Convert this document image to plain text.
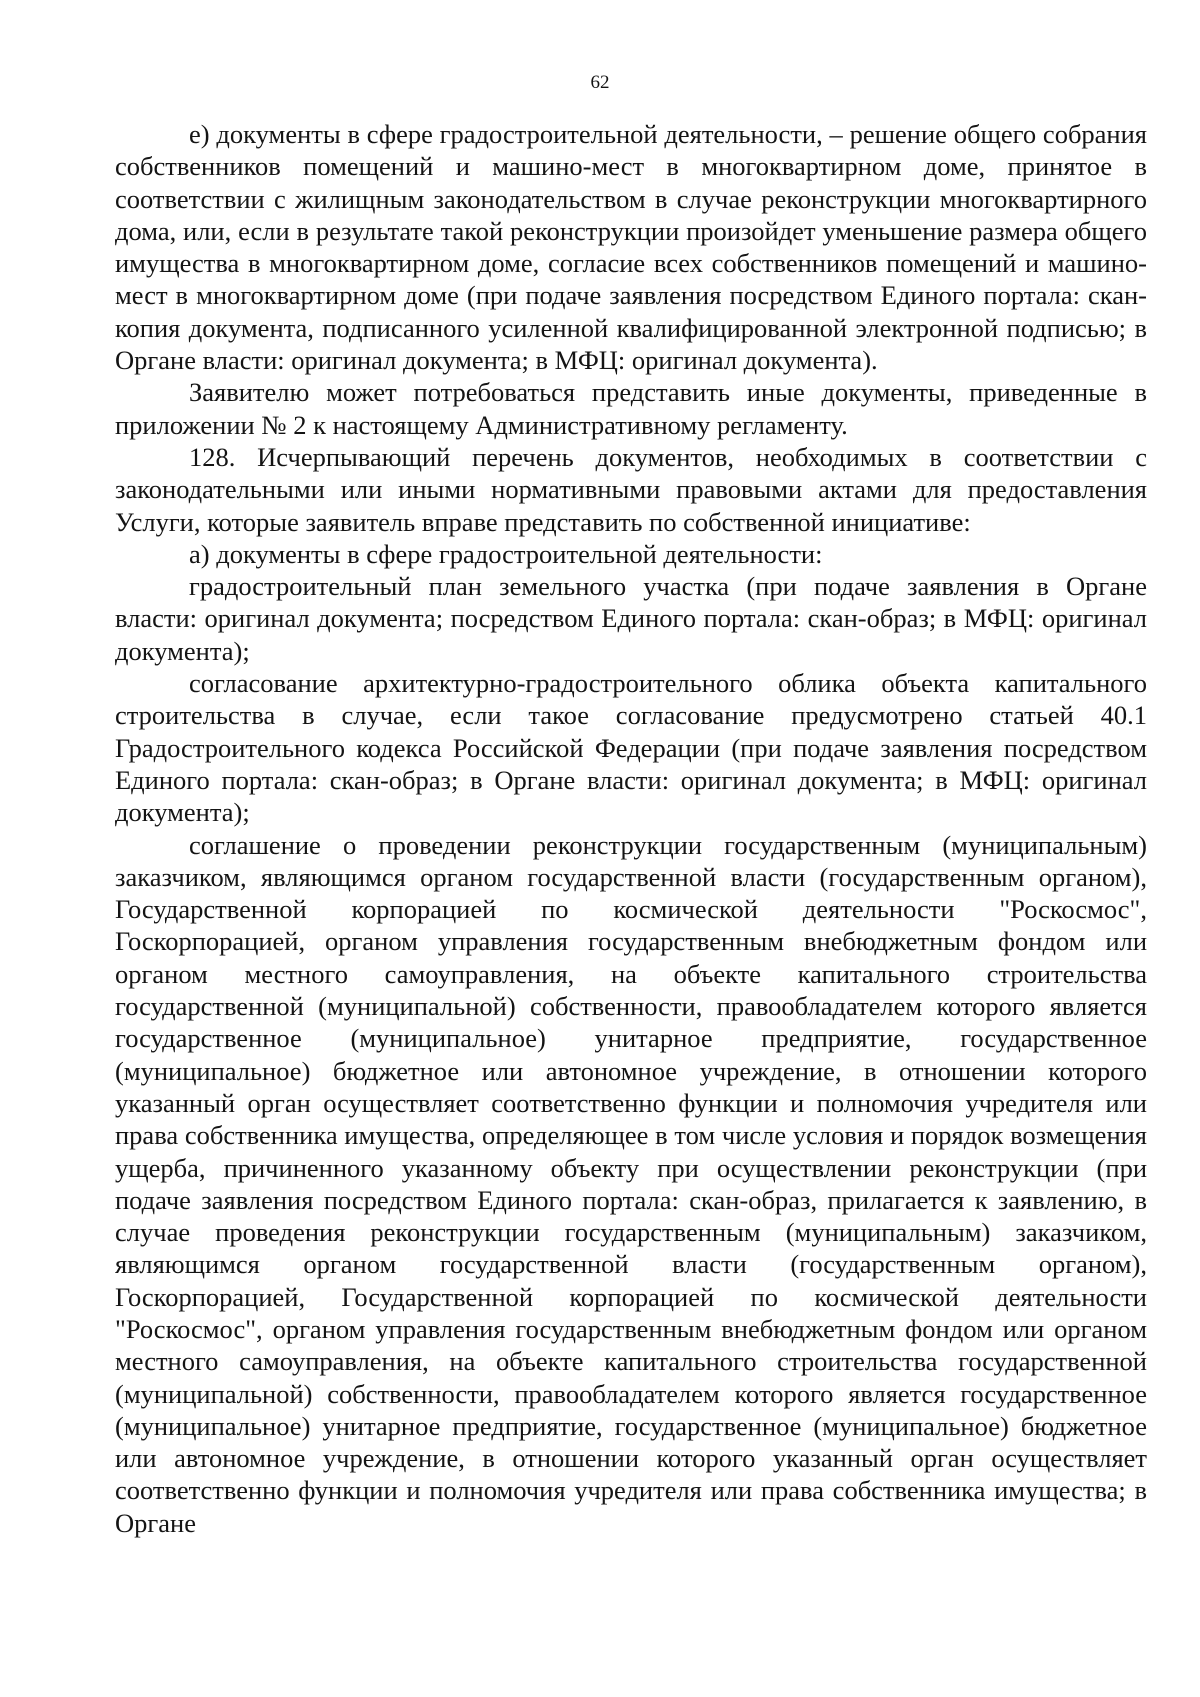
62

е) документы в сфере градостроительной деятельности, – решение общего собрания собственников помещений и машино-мест в многоквартирном доме, принятое в соответствии с жилищным законодательством в случае реконструкции многоквартирного дома, или, если в результате такой реконструкции произойдет уменьшение размера общего имущества в многоквартирном доме, согласие всех собственников помещений и машино-мест в многоквартирном доме (при подаче заявления посредством Единого портала: скан-копия документа, подписанного усиленной квалифицированной электронной подписью; в Органе власти: оригинал документа; в МФЦ: оригинал документа).

Заявителю может потребоваться представить иные документы, приведенные в приложении № 2 к настоящему Административному регламенту.

128. Исчерпывающий перечень документов, необходимых в соответствии с законодательными или иными нормативными правовыми актами для предоставления Услуги, которые заявитель вправе представить по собственной инициативе:

а) документы в сфере градостроительной деятельности:

градостроительный план земельного участка (при подаче заявления в Органе власти: оригинал документа; посредством Единого портала: скан-образ; в МФЦ: оригинал документа);

согласование архитектурно-градостроительного облика объекта капитального строительства в случае, если такое согласование предусмотрено статьей 40.1 Градостроительного кодекса Российской Федерации (при подаче заявления посредством Единого портала: скан-образ; в Органе власти: оригинал документа; в МФЦ: оригинал документа);

соглашение о проведении реконструкции государственным (муниципальным) заказчиком, являющимся органом государственной власти (государственным органом), Государственной корпорацией по космической деятельности "Роскосмос", Госкорпорацией, органом управления государственным внебюджетным фондом или органом местного самоуправления, на объекте капитального строительства государственной (муниципальной) собственности, правообладателем которого является государственное (муниципальное) унитарное предприятие, государственное (муниципальное) бюджетное или автономное учреждение, в отношении которого указанный орган осуществляет соответственно функции и полномочия учредителя или права собственника имущества, определяющее в том числе условия и порядок возмещения ущерба, причиненного указанному объекту при осуществлении реконструкции (при подаче заявления посредством Единого портала: скан-образ, прилагается к заявлению, в случае проведения реконструкции государственным (муниципальным) заказчиком, являющимся органом государственной власти (государственным органом), Госкорпорацией, Государственной корпорацией по космической деятельности "Роскосмос", органом управления государственным внебюджетным фондом или органом местного самоуправления, на объекте капитального строительства государственной (муниципальной) собственности, правообладателем которого является государственное (муниципальное) унитарное предприятие, государственное (муниципальное) бюджетное или автономное учреждение, в отношении которого указанный орган осуществляет соответственно функции и полномочия учредителя или права собственника имущества; в Органе
